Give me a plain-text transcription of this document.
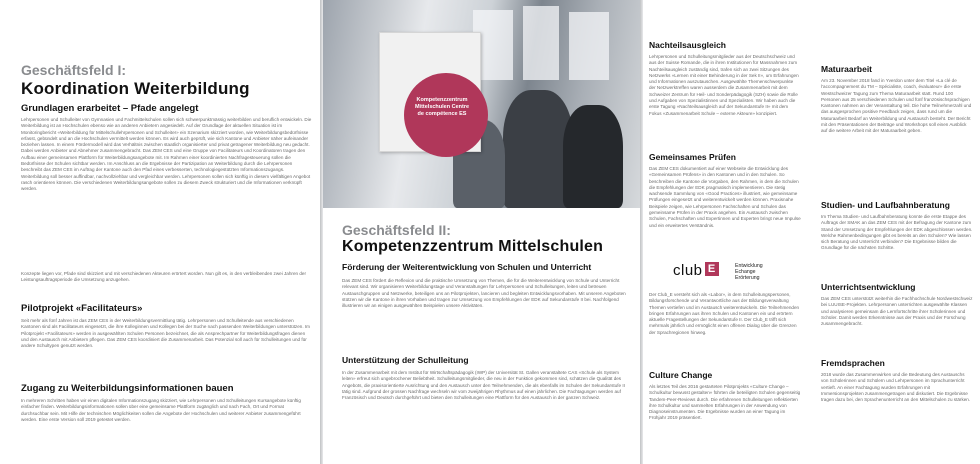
Geschäftsfeld I:
Koordination Weiterbildung
Grundlagen erarbeitet – Pfade angelegt

Lehrpersonen und Schulleiter von Gymnasien und Fachmittelschulen sollen sich schwerpunktmässig weiterbilden und beruflich entwickeln. Die Weiterbildung ist an Hochschulen ebenso wie an anderen Anbietern angesiedelt. Auf der Grundlage der aktuellen Situation ist im Monitoringbericht «Weiterbildung für Mittelschullehrpersonen und Schulleiter» ein Szenarium skizziert worden, wie Weiterbildungsbedürfnisse erfasst, gebündelt und an die Hochschulen vermittelt werden können. Es wird auch geprüft, wie sich Kantone und Anbieter näher aufeinander beziehen lassen. In einem Fördermodell wird das Verhältnis zwischen staatlich organisierter und privat getragener Weiterbildung neu gedacht. Dabei werden Anbieter und Abnehmer zusammengebracht. Das ZEM CES und eine Gruppe von Facilitateurs und Koordinatoren tragen den Aufbau einer gemeinsamen Plattform für Weiterbildungsangebote mit. Im Rahmen einer koordinierten Nachfragesteuerung sollen die Bedürfnisse der Schulen sichtbar werden. Im Anschluss an die Ergebnisse der Partizipation an Weiterbildung durch die Lehrpersonen beschreibt das ZEM CES im Auftrag der Kantone auch den Pfad eines verbesserten, technologiegestützten Informationszugangs. Weiterbildung soll besser auffindbar, nachvollziehbar und vergleichbar werden. Lehrpersonen sollen sich künftig in diesem vielfältigen Angebot rasch orientieren können. Die verschiedenen Weiterbildungsangebote sollen zu diesem Zweck strukturiert und die Informationen verknüpft werden.

Konzepte liegen vor, Pfade sind skizziert und mit verschiedenen Akteuren erörtert worden. Nun gilt es, in den verbleibenden zwei Jahren der Leistungsauftragsperiode die Umsetzung anzugehen.

Pilotprojekt «Facilitateurs»

Seit mehr als fünf Jahren ist das ZEM CES in der Weiterbildungsvermittlung tätig. Lehrpersonen und Schulleitende aus verschiedenen Kantonen sind als Facilitateurs eingesetzt, die ihre Kolleginnen und Kollegen bei der Suche nach passenden Weiterbildungen unterstützen. Im Pilotprojekt «Facilitateurs» werden in ausgewählten Schulen Personen bezeichnet, die als Ansprechpartner für Weiterbildungsfragen dienen und den Austausch mit Anbietern pflegen. Das ZEM CES koordiniert die Zusammenarbeit. Das Potenzial soll auch für Schulleitungen und für andere Schultypen genutzt werden.

Zugang zu Weiterbildungsinformationen bauen

In mehreren Schritten haben wir einen digitalen Informationszugang skizziert, wie Lehrpersonen und Schulleitungen Kursangebote künftig einfacher finden. Weiterbildungsinformationen sollen über eine gemeinsame Plattform zugänglich und nach Fach, Ort und Format durchsuchbar sein. Mit Hilfe der technischen Möglichkeiten sollen die Angebote der Hochschulen und weiterer Anbieter zusammengeführt werden. Eine erste Version soll 2019 getestet werden.

Kompetenzzentrum Mittelschulen Centre de compétence ES
Geschäftsfeld II:
Kompetenzzentrum Mittelschulen
Förderung der Weiterentwicklung von Schulen und Unterricht

Das ZEM CES fördert die Reflexion und die praktische Umsetzung von Themen, die für die Weiterentwicklung von Schule und Unterricht relevant sind. Wir organisieren Weiterbildungstage und Veranstaltungen für Lehrpersonen und Schulleitungen, leiten und betreuen Austauschgruppen und Netzwerke, beteiligen uns an Pilotprojekten, lancieren und begleiten Entwicklungsvorhaben. Mit unseren Angeboten stützen wir die Kantone in ihren Vorhaben und tragen zur Umsetzung von Empfehlungen der EDK auf Sekundarstufe II bei. Nachfolgend illustrieren wir an einigen ausgewählten Beispielen unsere Aktivitäten.

Unterstützung der Schulleitung

In der Zusammenarbeit mit dem Institut für Wirtschaftspädagogik (IWP) der Universität St. Gallen veranstaltete CAS «Schule als System leiten» erfreut sich ungebrochener Beliebtheit. Schulleitungsmitglieder, die neu in der Funktion gekommen sind, schätzen die Qualität des Angebots, die praxisorientierte Ausrichtung und den Austausch unter den Teilnehmenden, die als ebenfalls im Schulen der Sekundarstufe II tätig sind. Aufgrund der grossen Nachfrage wechseln wir vom zweijährigen Rhythmus auf einen jährlichen. Die Fachtagungen werden auf Französisch und Deutsch durchgeführt und bieten den Schulleitungen eine Plattform für den Austausch in der ganzen Schweiz.

Nachteilsausgleich

Lehrpersonen und Schulleitungsmitglieder aus der Deutschschweiz und aus der Suisse Romande, die in ihren Institutionen für Massnahmen zum Nachteilsausgleich zuständig sind, trafen sich an zwei Sitzungen des Netzwerks «Lernen mit einer Behinderung in der Sek II», um Erfahrungen und Informationen auszutauschen. Ausgewählte Themenschwerpunkte der Netzwerktreffen waren ausserdem die Zusammenarbeit mit dem Schweizer Zentrum für Heil- und Sonderpädagogik (SZH) sowie die Rolle und Aufgaben von Spezialistinnen und Spezialisten. Wir haben auch die erste Tagung «Nachteilsausgleich auf der Sekundarstufe II» mit dem Fokus «Zusammenarbeit Schule – externe Akteure» konzipiert.

Gemeinsames Prüfen

Das ZEM CES dokumentiert auf einer Webseite die Entwicklung des «Gemeinsamen Prüfens» in den Kantonen und in den Schulen. So beschreiben die Kantone die Vorgaben, den Rahmen, in dem die Schulen die Empfehlungen der EDK pragmatisch implementieren. Die stetig wachsende Sammlung von «Good Practices» illustriert, wie gemeinsame Prüfungen eingesetzt und weiterentwickelt werden können. Praxisnahe Beispiele zeigen, wie Lehrpersonen Fachschaften und Schulen das gemeinsame Prüfen in der Praxis angehen. Ein Austausch zwischen Schulen, Fachschaften und Expertinnen und Experten bringt neue Impulse und ein erweitertes Verständnis.

club E	Entwicklung Echange Erörterung

Der Club_E versteht sich als «Labor», in dem Schulleitungspersonen, Bildungsforschende und Verantwortliche aus der Bildungsverwaltung Themen vertiefen und im Austausch weiterentwickeln. Die Teilnehmenden bringen Erfahrungen aus ihren Schulen und Kantonen ein und erörtern aktuelle Fragestellungen der Sekundarstufe II. Der Club_E trifft sich mehrmals jährlich und ermöglicht einen offenen Dialog über die Grenzen der Sprachregionen hinweg.

Culture Change

Als letztes Teil des 2016 gestarteten Pilotprojekts «Culture Change – Schulkultur bewusst gestalten» führten die beteiligten Schulen gegenseitig Tandem-Peer-Reviews durch. Die erfahrenen Schulleitungen reflektierten ihre Schulkultur und sammelten Erfahrungen in der Anwendung von Diagnoseinstrumenten. Die Ergebnisse wurden an einer Tagung im Frühjahr 2019 präsentiert.

Maturaarbeit

Am 23. November 2018 fand in Yverdon unter dem Titel «La clé de l’accompagnement du TM – Spécialiste, coach, évaluateur» die erste Westschweizer Tagung zum Thema Maturaarbeit statt. Rund 100 Personen aus 25 verschiedenen Schulen und fünf französischsprachigen Kantonen nahmen an der Veranstaltung teil. Die hohe Teilnehmerzahl und das ausgesprochen positive Feedback zeigen, dass rund um die Maturaarbeit Bedarf an Weiterbildung und Austausch besteht. Der Bericht mit den Präsentationen der Beiträge und Workshops soll einen Ausblick auf die weitere Arbeit mit der Maturaarbeit geben.

Studien- und Laufbahnberatung

Im Thema Studien- und Laufbahnberatung konnte die erste Etappe des Auftrags der SMAK an das ZEM CES mit der Befragung der Kantone zum Stand der Umsetzung der Empfehlungen der EDK abgeschlossen werden. Welche Rahmenbedingungen gibt es bereits an den Schulen? Wie lassen sich Beratung und Unterricht verbinden? Die Ergebnisse bilden die Grundlage für die nächsten Schritte.

Unterrichtsentwicklung

Das ZEM CES unterstützt weiterhin die Fachhochschule Nordwestschweiz bei LUUISE-Projekten. Lehrpersonen unterrichten ausgewählte Klassen und analysieren gemeinsam die Lernfortschritte ihrer Schülerinnen und Schüler. Damit werden Erkenntnisse aus der Praxis und der Forschung zusammengebracht.

Fremdsprachen

2018 wurde das Zusammenwirken und die Bedeutung des Austauschs von Schülerinnen und Schülern und Lehrpersonen im Sprachunterricht vertieft. An einer Fachtagung wurden Erfahrungen mit Immersionsprojekten zusammengetragen und diskutiert. Die Ergebnisse tragen dazu bei, den Sprachenunterricht an den Mittelschulen zu stärken.
